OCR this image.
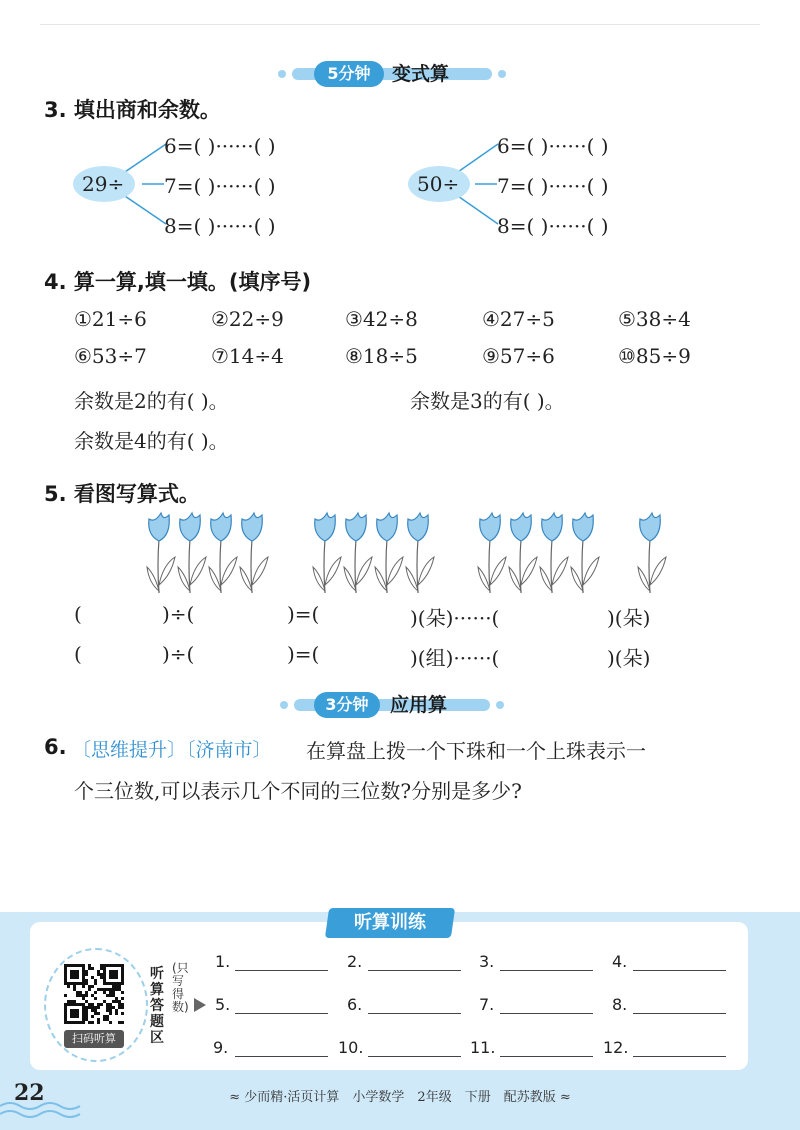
5分钟	变式算
3. 填出商和余数。
29÷
6=( )······( )
7=( )······( )
8=( )······( )
50÷
6=( )······( )
7=( )······( )
8=( )······( )
4. 算一算,填一填。(填序号)
①21÷6	②22÷9	③42÷8	④27÷5	⑤38÷4
⑥53÷7	⑦14÷4	⑧18÷5	⑨57÷6	⑩85÷9
余数是2的有( )。	余数是3的有( )。
余数是4的有( )。
5. 看图写算式。
(	)÷(	)=(	)(朵)······(	)(朵)
(	)÷(	)=(	)(组)······(	)(朵)
3分钟	应用算
6. 〔思维提升〕〔济南市〕 在算盘上拨一个下珠和一个上珠表示一
个三位数,可以表示几个不同的三位数?分别是多少?
听算训练
扫码听算
听算答题区
(只写得数)
1.	2.	3.	4.
5.	6.	7.	8.
9.	10.	11.	12.
22	≈ 少而精·活页计算　小学数学　2年级　下册　配苏教版 ≈
